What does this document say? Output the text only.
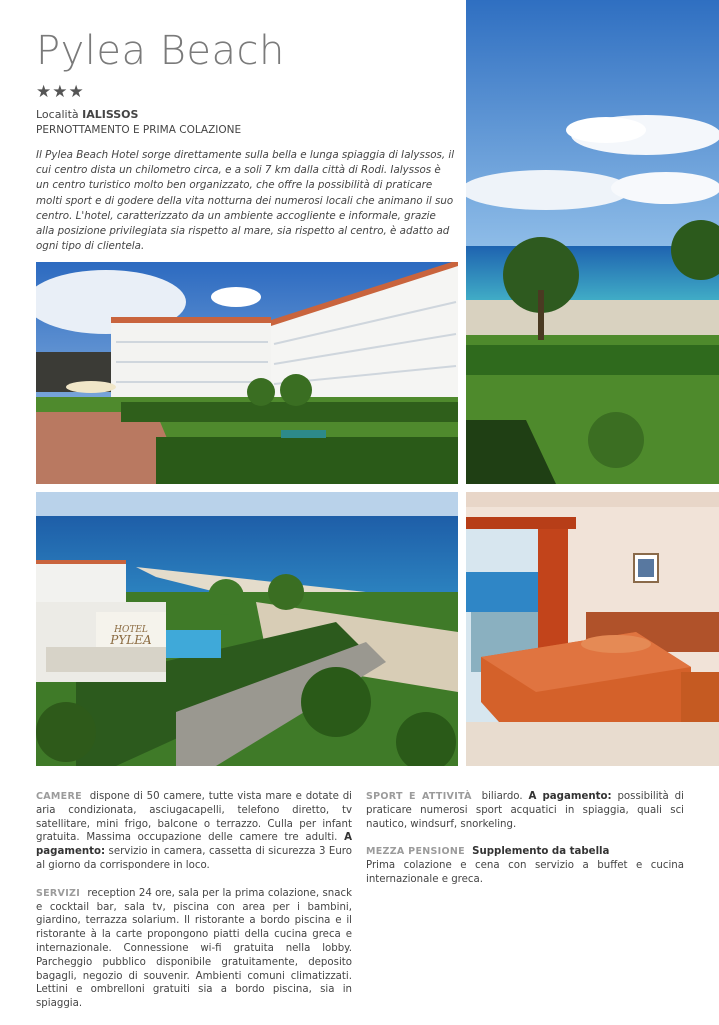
Pylea Beach
★★★
Località IALISSOS
PERNOTTAMENTO E PRIMA COLAZIONE
Il Pylea Beach Hotel sorge direttamente sulla bella e lunga spiaggia di Ialyssos, il cui centro dista un chilometro circa, e a soli 7 km dalla città di Rodi. Ialyssos è un centro turistico molto ben organizzato, che offre la possibilità di praticare molti sport e di godere della vita notturna dei numerosi locali che animano il suo centro. L'hotel, caratterizzato da un ambiente accogliente e informale, grazie alla posizione privilegiata sia rispetto al mare, sia rispetto al centro, è adatto ad ogni tipo di clientela.
HOTEL
PYLEA

CAMERE dispone di 50 camere, tutte vista mare e dotate di aria condizionata, asciugacapelli, telefono diretto, tv satellitare, mini frigo, balcone o terrazzo. Culla per infant gratuita. Massima occupazione delle camere tre adulti. A pagamento: servizio in camera, cassetta di sicurezza 3 Euro al giorno da corrispondere in loco.

SERVIZI reception 24 ore, sala per la prima colazione, snack e cocktail bar, sala tv, piscina con area per i bambini, giardino, terrazza solarium. Il ristorante a bordo piscina e il ristorante à la carte propongono piatti della cucina greca e internazionale. Connessione wi-fi gratuita nella lobby. Parcheggio pubblico disponibile gratuitamente, deposito bagagli, negozio di souvenir. Ambienti comuni climatizzati. Lettini e ombrelloni gratuiti sia a bordo piscina, sia in spiaggia.

SPORT E ATTIVITÀ biliardo. A pagamento: possibilità di praticare numerosi sport acquatici in spiaggia, quali sci nautico, windsurf, snorkeling.

MEZZA PENSIONE Supplemento da tabella
Prima colazione e cena con servizio a buffet e cucina internazionale e greca.
